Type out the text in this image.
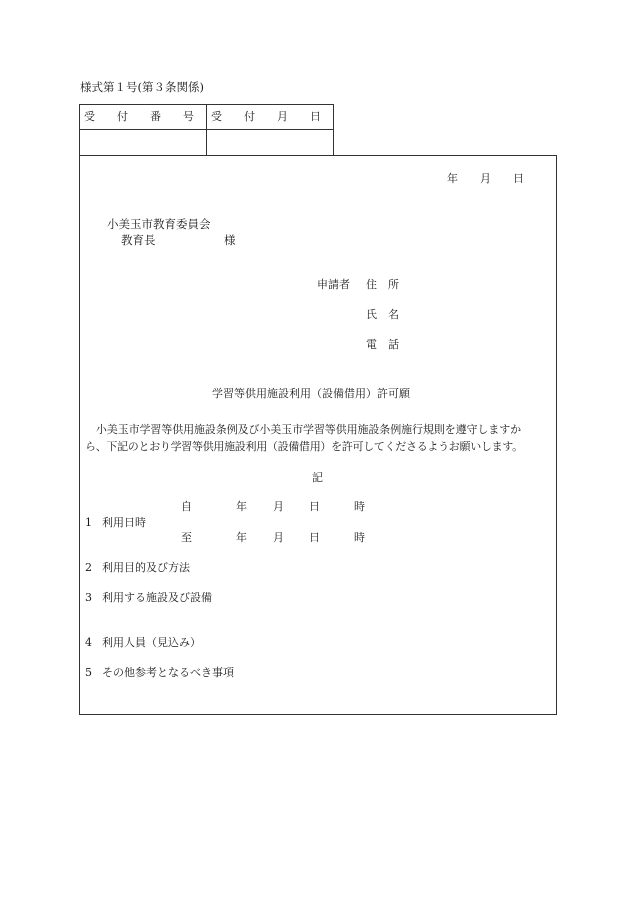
様式第１号(第３条関係)
受　　付　　番　　号 受　　付　　月　　日
年　　月　　日
小美玉市教育委員会
教育長	様
申請者 住　所
氏　名
電　話
学習等供用施設利用（設備借用）許可願
　小美玉市学習等供用施設条例及び小美玉市学習等供用施設条例施行規則を遵守しますか
ら、下記のとおり学習等供用施設利用（設備借用）を許可してくださるようお願いします。
記
自	年 月 日	時
1 利用日時
至	年 月 日	時
2 利用目的及び方法
3 利用する施設及び設備
4 利用人員（見込み）
5 その他参考となるべき事項
